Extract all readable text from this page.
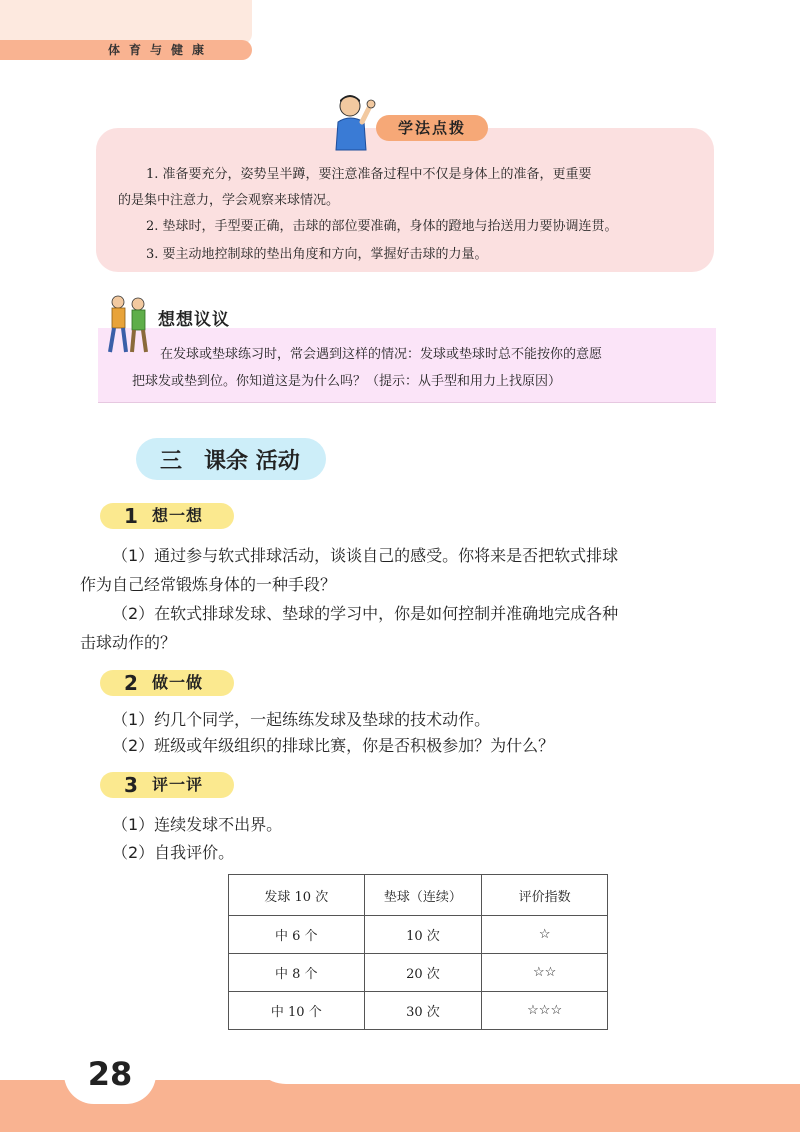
体育与健康
学法点拨
1. 准备要充分，姿势呈半蹲，要注意准备过程中不仅是身体上的准备，更重要
的是集中注意力，学会观察来球情况。
2. 垫球时，手型要正确，击球的部位要准确，身体的蹬地与抬送用力要协调连贯。
3. 要主动地控制球的垫出角度和方向，掌握好击球的力量。
想想议议
在发球或垫球练习时，常会遇到这样的情况：发球或垫球时总不能按你的意愿
把球发或垫到位。你知道这是为什么吗？（提示：从手型和用力上找原因）
三 课余 活动
1 想一想
（1）通过参与软式排球活动，谈谈自己的感受。你将来是否把软式排球
作为自己经常锻炼身体的一种手段？
（2）在软式排球发球、垫球的学习中，你是如何控制并准确地完成各种
击球动作的？
2 做一做
（1）约几个同学，一起练练发球及垫球的技术动作。
（2）班级或年级组织的排球比赛，你是否积极参加？为什么？
3 评一评
（1）连续发球不出界。
（2）自我评价。
发球 10 次	垫球（连续）	评价指数
中 6 个	10 次	☆
中 8 个	20 次	☆☆
中 10 个	30 次	☆☆☆
28
